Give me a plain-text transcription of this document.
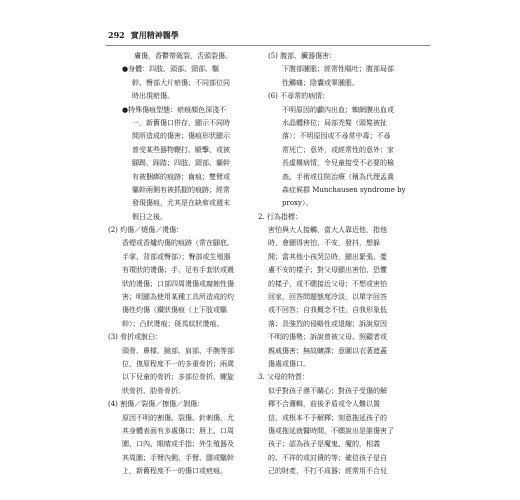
292 實用精神醫學
膚傷，香鬱帶破裂，舌頭裂傷。
●身體：四肢、頭部、頸部、驅
幹、臀部大片瘀傷；不同部位同
時出現瘀傷。
●特殊傷痕型態：瘀痕顏色深淺不
一，新舊傷口併存，顯示不同時
間所造成的傷害；傷痕形狀顯示
曾受某些器物鞭打、毆擊，或被
腳踢、踩踏；四肢、頸部、軀幹
有被捆綁的痕跡；齒痕；雙臂或
軀幹兩側有被抓握的痕跡；經常
發現傷痕，尤其是在缺席或週末
假日之後。
(2) 灼傷／燒傷／燙傷：
香煙或香爐灼傷的痕跡（常在腳底、
手掌、背部或臀部）；臀部或生殖器
有環狀的燙傷；手、足有手套狀或襪
狀的燙傷；口部四周燙傷或腐蝕性傷
害；明顯為使用某種工具所造成的灼
傷性灼傷（鐵狀傷痕（上下肢或驅
幹）；凸狀燙痕；斑馬紋狀燙痕。
(3) 骨折或脫臼：
頭骨、鼻樑、臉部、肩部、手腕等部
位，復原程度不一的多重骨折；兩歲
以下兒童的骨折；多部位骨折、螺旋
狀骨折、肋骨骨折。
(4) 割傷／裂傷／擦傷／剝傷：
原因不明的割傷、裂傷、針刺傷，尤
其身體表面有多處傷口；唇上、口周
圍、口內、眼睛或手指；外生殖器及
其周圍；手臂內側、手臂、腿或驅幹
上，新舊程度不一的傷口或疤痕。
(5) 腹部、臟器傷害：
下腹部腫脹；經常性嘔吐；腹部局部
性觸痛；陰囊或睪腫脹。
(6) 不尋常的病情：
不明原因的顱內出血；蜘網膜出血或
水晶體移位；局部禿髮（頭髮被扯
落）；不明原因或不尋常中毒；不尋
常死亡；意外，或經常性的意外；家
長虛構病情，令兒童接受不必要的檢
查、手術或住院治療（稱為代理孟喬
森症候群 Munchausen syndrome by
proxy）。
2. 行為指標：
害怕與大人接觸，當大人靠近他，指他
時，會顯得害怕、不安，發抖，想躲
開；當其他小孩哭泣時，顯出緊張、憂
慮不安的樣子；對父母顯出害怕、恐懼
的樣子，或不願接近父母；不想或害怕
回家，回答問題態度冷淡，以單字回答
或不回答；自我概念不佳，自我形象低
落；具強烈的侵略性或退縮；訴說原因
不明的傷勢；訴說曾被父母、照顧者或
親戚傷害；無故曠課；意圖以衣著遮蓋
傷處或傷口。
3. 父母的特質：
似乎對孩子漠不關心；對孩子受傷的解
釋不合邏輯，前後矛盾或令人難以置
信，或根本不予解釋；刻意拖延孩子的
傷或拖延就醫時間，不願說出是誰傷害了
孩子；認為孩子是魔鬼、魔的，相義
的、不祥的或討債的等；確信孩子是自
己的財產，不打不成器；經常用不合兒
